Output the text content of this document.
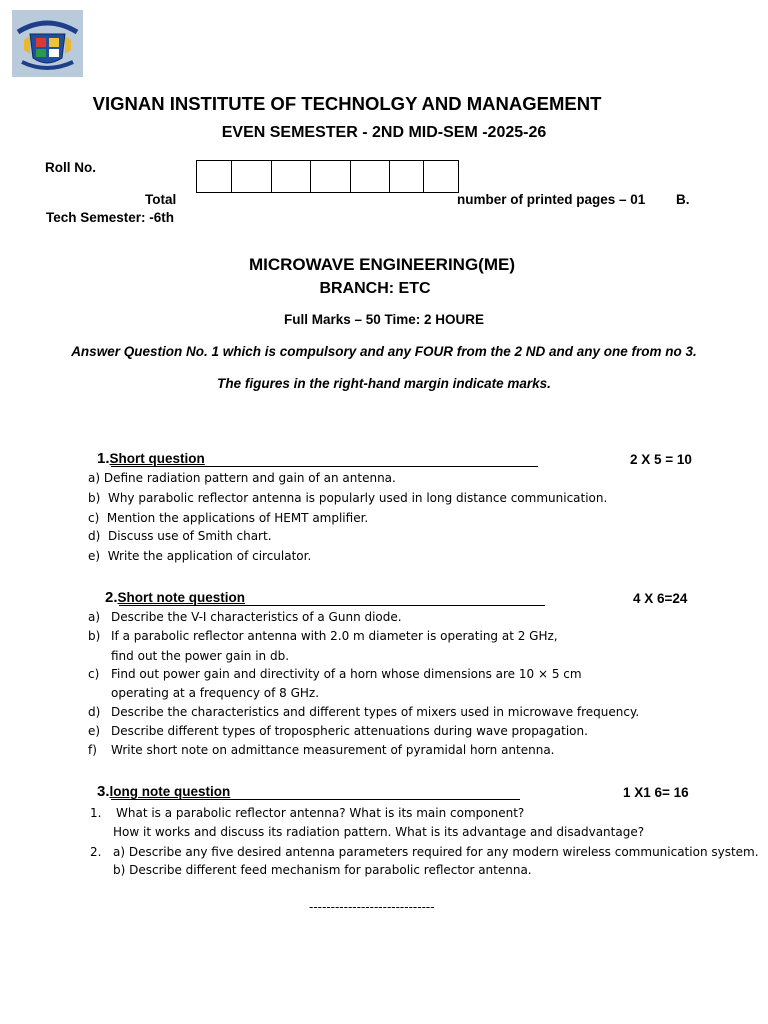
VIGNAN INSTITUTE OF TECHNOLGY AND MANAGEMENT
EVEN SEMESTER - 2ND MID-SEM -2025-26
Roll No.
Total	number of printed pages – 01 B.
Tech Semester: -6th
MICROWAVE ENGINEERING(ME)
BRANCH: ETC
Full Marks – 50 Time: 2 HOURE
Answer Question No. 1 which is compulsory and any FOUR from the 2 ND and any one from no 3.
The figures in the right-hand margin indicate marks.
1.Short question	2 X 5 = 10
a) Define radiation pattern and gain of an antenna.
b) Why parabolic reflector antenna is popularly used in long distance communication.
c) Mention the applications of HEMT amplifier.
d) Discuss use of Smith chart.
e) Write the application of circulator.
2.Short note question	4 X 6=24
a) Describe the V-I characteristics of a Gunn diode.
b) If a parabolic reflector antenna with 2.0 m diameter is operating at 2 GHz,
find out the power gain in db.
c) Find out power gain and directivity of a horn whose dimensions are 10 × 5 cm
operating at a frequency of 8 GHz.
d) Describe the characteristics and different types of mixers used in microwave frequency.
e) Describe different types of tropospheric attenuations during wave propagation.
f) Write short note on admittance measurement of pyramidal horn antenna.
3.long note question	1 X1 6= 16
1. What is a parabolic reflector antenna? What is its main component?
How it works and discuss its radiation pattern. What is its advantage and disadvantage?
2. a) Describe any five desired antenna parameters required for any modern wireless communication system.
b) Describe different feed mechanism for parabolic reflector antenna.
-----------------------------
